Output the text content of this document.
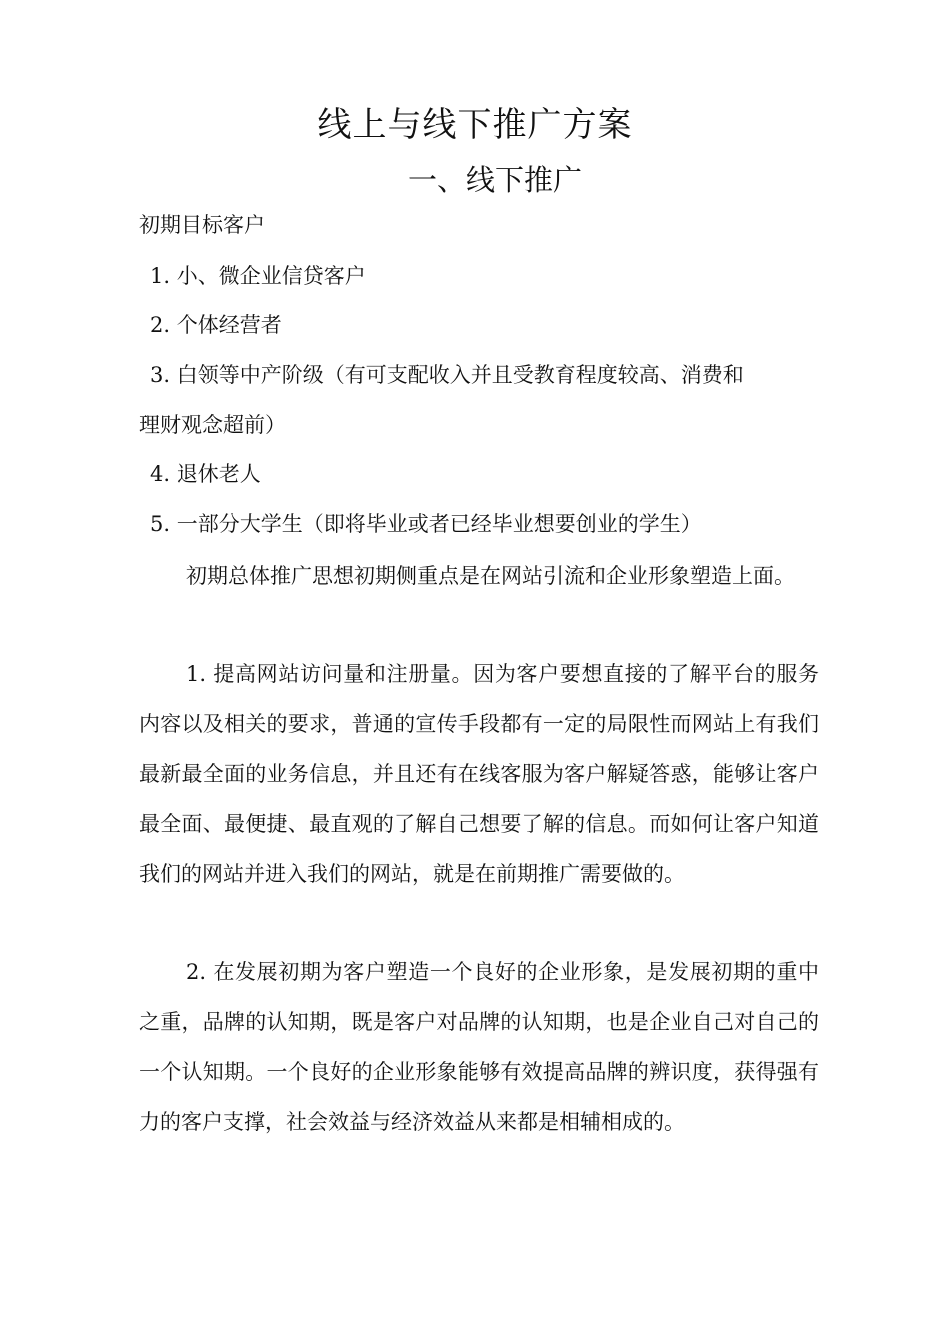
线上与线下推广方案
一、线下推广
初期目标客户
1. 小、微企业信贷客户
2. 个体经营者
3. 白领等中产阶级（有可支配收入并且受教育程度较高、消费和
理财观念超前）
4. 退休老人
5. 一部分大学生（即将毕业或者已经毕业想要创业的学生）
初期总体推广思想初期侧重点是在网站引流和企业形象塑造上面。
1. 提高网站访问量和注册量。因为客户要想直接的了解平台的服务内容以及相关的要求，普通的宣传手段都有一定的局限性而网站上有我们最新最全面的业务信息，并且还有在线客服为客户解疑答惑，能够让客户最全面、最便捷、最直观的了解自己想要了解的信息。而如何让客户知道我们的网站并进入我们的网站，就是在前期推广需要做的。
2. 在发展初期为客户塑造一个良好的企业形象，是发展初期的重中之重，品牌的认知期，既是客户对品牌的认知期，也是企业自己对自己的一个认知期。一个良好的企业形象能够有效提高品牌的辨识度，获得强有力的客户支撑，社会效益与经济效益从来都是相辅相成的。
